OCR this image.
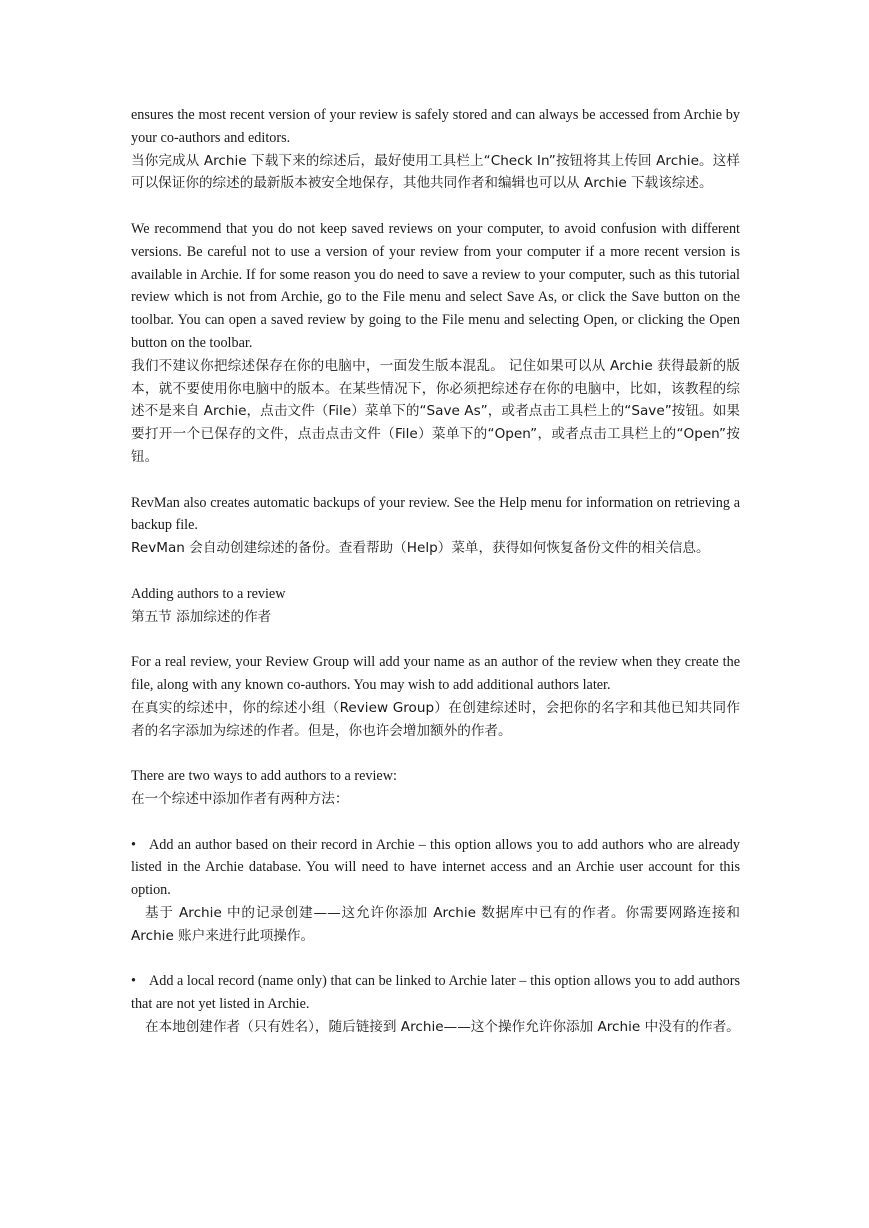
ensures the most recent version of your review is safely stored and can always be accessed from Archie by your co-authors and editors.

当你完成从 Archie 下载下来的综述后，最好使用工具栏上“Check In”按钮将其上传回 Archie。这样可以保证你的综述的最新版本被安全地保存，其他共同作者和编辑也可以从 Archie 下载该综述。

We recommend that you do not keep saved reviews on your computer, to avoid confusion with different versions. Be careful not to use a version of your review from your computer if a more recent version is available in Archie. If for some reason you do need to save a review to your computer, such as this tutorial review which is not from Archie, go to the File menu and select Save As, or click the Save button on the toolbar. You can open a saved review by going to the File menu and selecting Open, or clicking the Open button on the toolbar.

我们不建议你把综述保存在你的电脑中，一面发生版本混乱。 记住如果可以从 Archie 获得最新的版本，就不要使用你电脑中的版本。在某些情况下，你必须把综述存在你的电脑中，比如，该教程的综述不是来自 Archie，点击文件（File）菜单下的“Save As”，或者点击工具栏上的“Save”按钮。如果要打开一个已保存的文件，点击点击文件（File）菜单下的“Open”，或者点击工具栏上的“Open”按钮。

RevMan also creates automatic backups of your review. See the Help menu for information on retrieving a backup file.

RevMan 会自动创建综述的备份。查看帮助（Help）菜单，获得如何恢复备份文件的相关信息。

Adding authors to a review

第五节 添加综述的作者

For a real review, your Review Group will add your name as an author of the review when they create the file, along with any known co-authors. You may wish to add additional authors later.

在真实的综述中，你的综述小组（Review Group）在创建综述时，会把你的名字和其他已知共同作者的名字添加为综述的作者。但是，你也许会增加额外的作者。

There are two ways to add authors to a review:

在一个综述中添加作者有两种方法：

• Add an author based on their record in Archie – this option allows you to add authors who are already listed in the Archie database. You will need to have internet access and an Archie user account for this option.

基于 Archie 中的记录创建——这允许你添加 Archie 数据库中已有的作者。你需要网路连接和 Archie 账户来进行此项操作。

• Add a local record (name only) that can be linked to Archie later – this option allows you to add authors that are not yet listed in Archie.

在本地创建作者（只有姓名），随后链接到 Archie——这个操作允许你添加 Archie 中没有的作者。
